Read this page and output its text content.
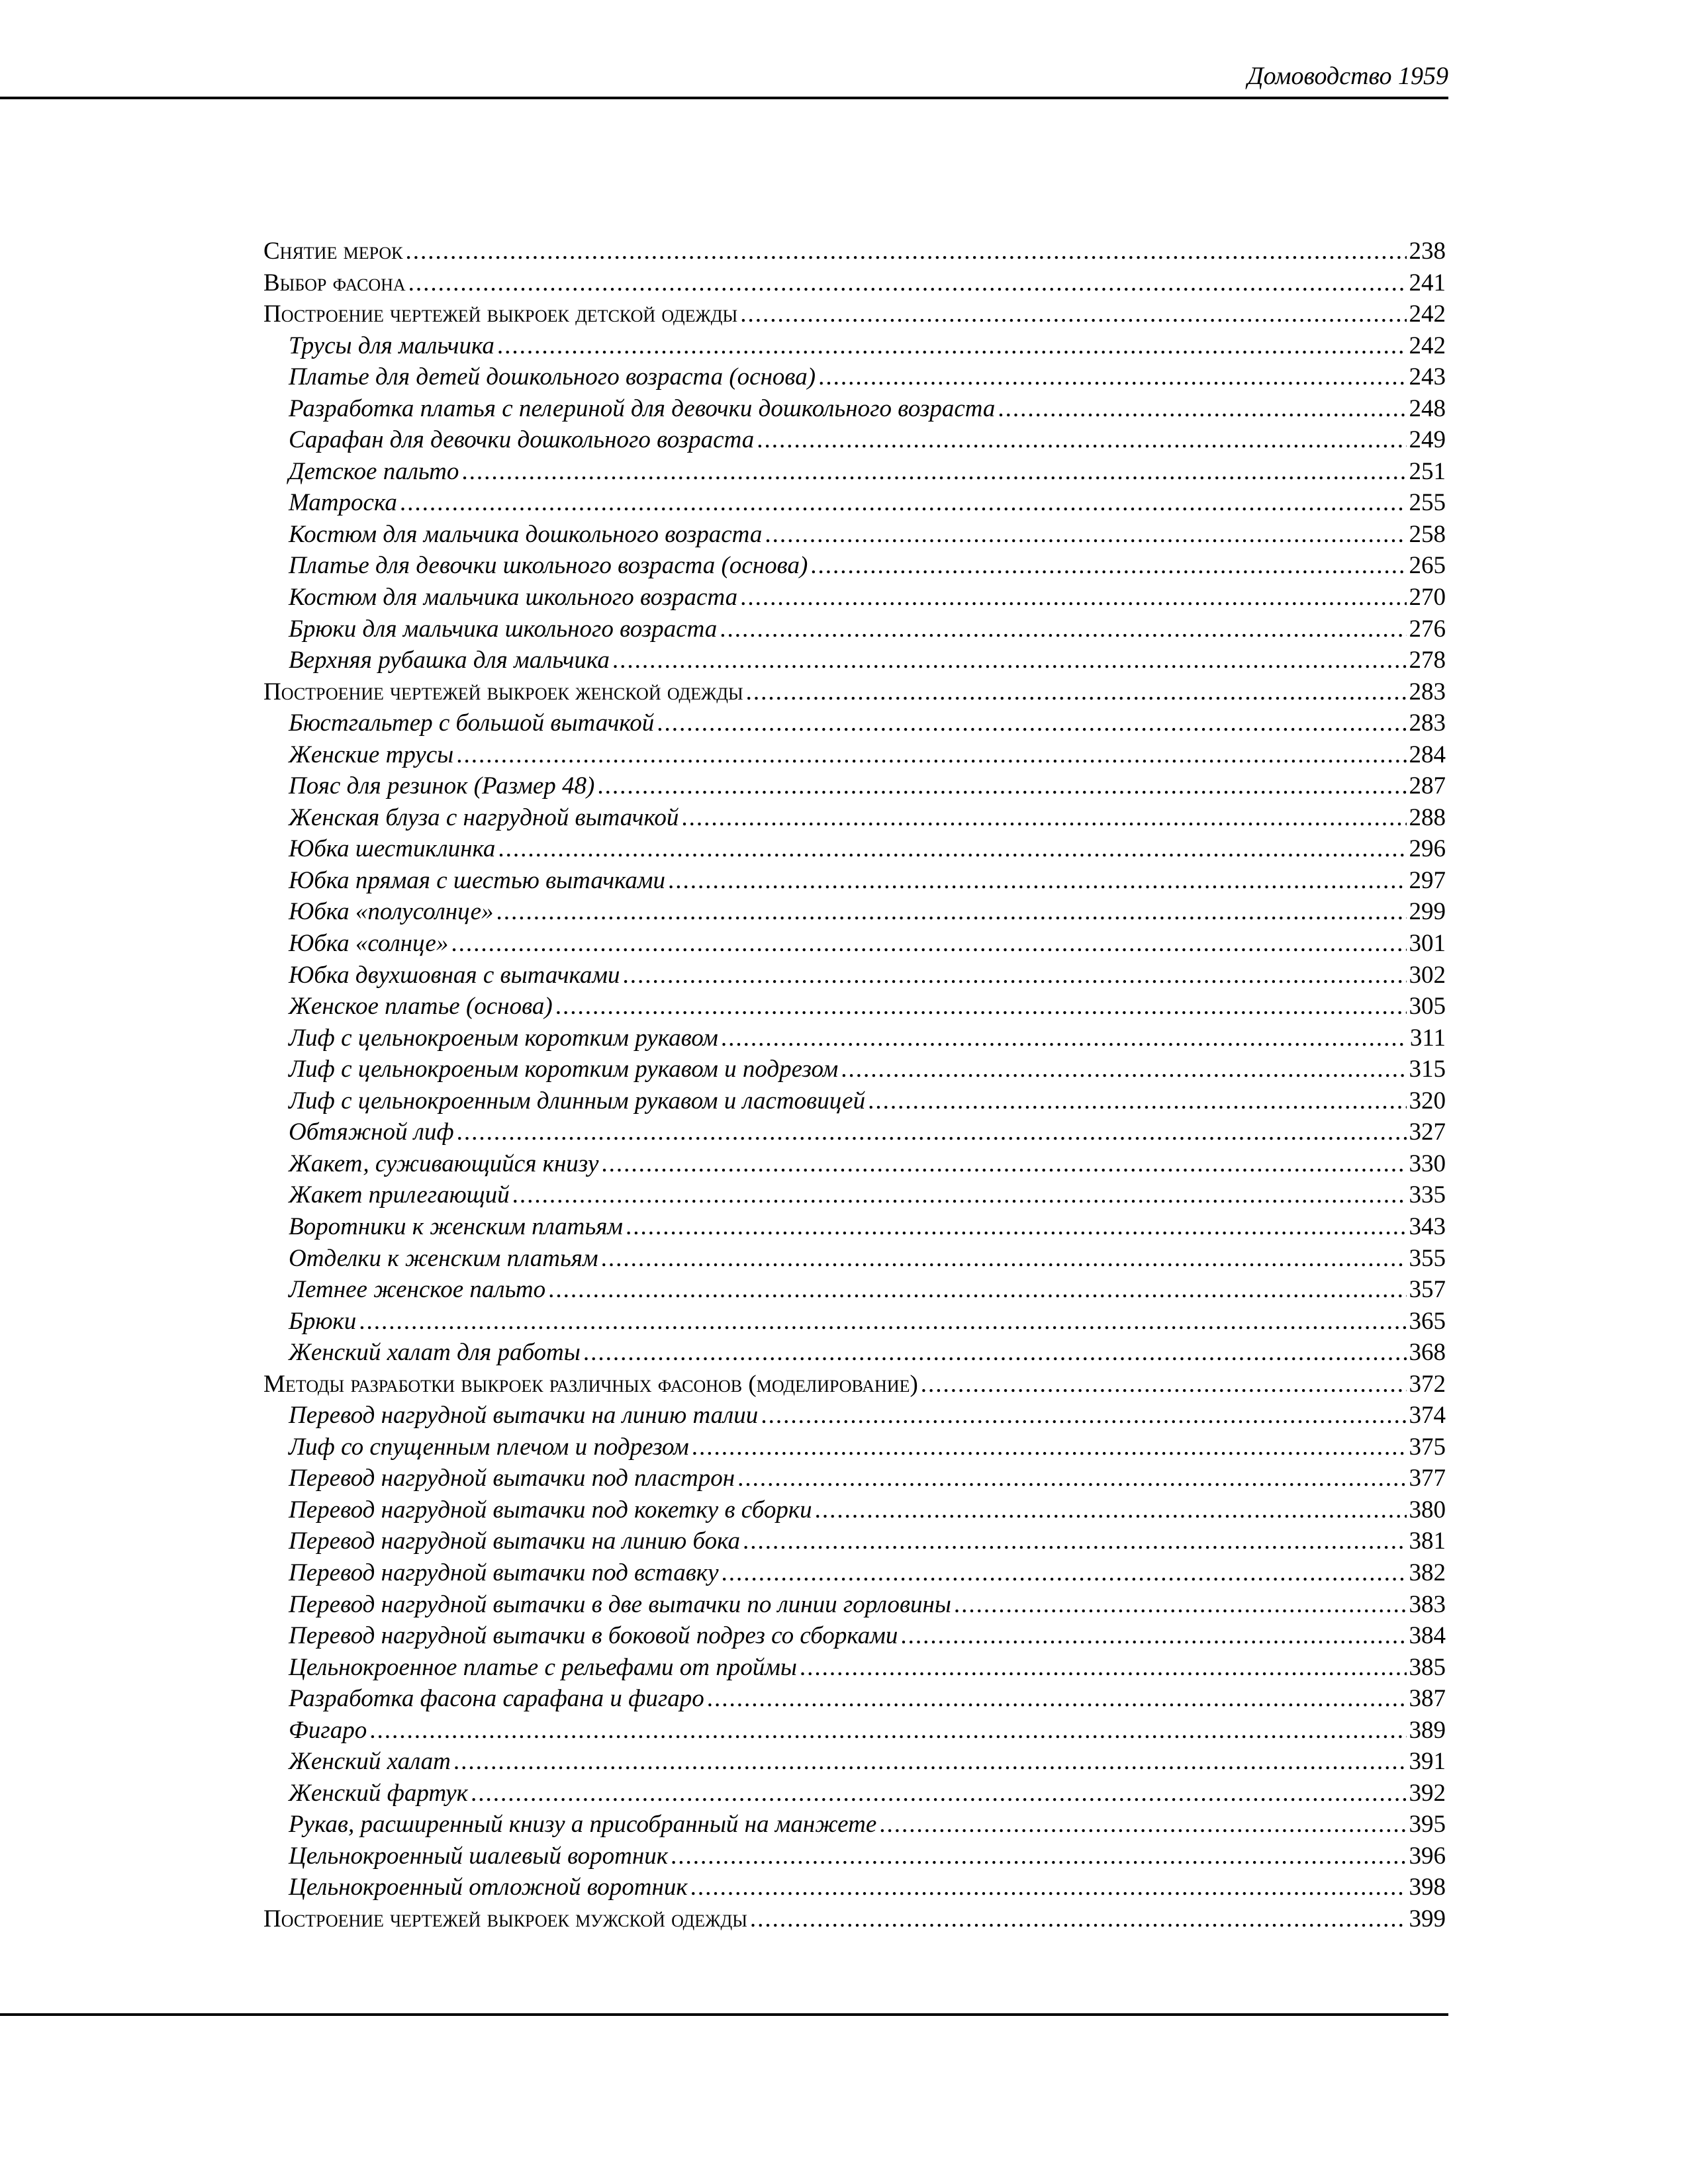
Домоводство 1959
Снятие мерок .....	238
Выбор фасона .....	241
Построение чертежей выкроек детской одежды .....	242
Трусы для мальчика .....	242
Платье для детей дошкольного возраста (основа) .....	243
Разработка платья с пелериной для девочки дошкольного возраста .....	248
Сарафан для девочки дошкольного возраста .....	249
Детское пальто .....	251
Матроска .....	255
Костюм для мальчика дошкольного возраста .....	258
Платье для девочки школьного возраста (основа) .....	265
Костюм для мальчика школьного возраста .....	270
Брюки для мальчика школьного возраста .....	276
Верхняя рубашка для мальчика .....	278
Построение чертежей выкроек женской одежды .....	283
Бюстгальтер с большой вытачкой .....	283
Женские трусы .....	284
Пояс для резинок (Размер 48) .....	287
Женская блуза с нагрудной вытачкой .....	288
Юбка шестиклинка .....	296
Юбка прямая с шестью вытачками .....	297
Юбка «полусолнце» .....	299
Юбка «солнце» .....	301
Юбка двухшовная с вытачками .....	302
Женское платье (основа) .....	305
Лиф с цельнокроеным коротким рукавом .....	311
Лиф с цельнокроеным коротким рукавом и подрезом .....	315
Лиф с цельнокроенным длинным рукавом и ластовицей .....	320
Обтяжной лиф .....	327
Жакет, суживающийся книзу .....	330
Жакет прилегающий .....	335
Воротники к женским платьям .....	343
Отделки к женским платьям .....	355
Летнее женское пальто .....	357
Брюки .....	365
Женский халат для работы .....	368
Методы разработки выкроек различных фасонов (моделирование) .....	372
Перевод нагрудной вытачки на линию талии .....	374
Лиф со спущенным плечом и подрезом .....	375
Перевод нагрудной вытачки под пластрон .....	377
Перевод нагрудной вытачки под кокетку в сборки .....	380
Перевод нагрудной вытачки на линию бока .....	381
Перевод нагрудной вытачки под вставку .....	382
Перевод нагрудной вытачки в две вытачки по линии горловины .....	383
Перевод нагрудной вытачки в боковой подрез со сборками .....	384
Цельнокроенное платье с рельефами от проймы .....	385
Разработка фасона сарафана и фигаро .....	387
Фигаро .....	389
Женский халат .....	391
Женский фартук .....	392
Рукав, расширенный книзу а присобранный на манжете .....	395
Цельнокроенный шалевый воротник .....	396
Цельнокроенный отложной воротник .....	398
Построение чертежей выкроек мужской одежды .....	399
